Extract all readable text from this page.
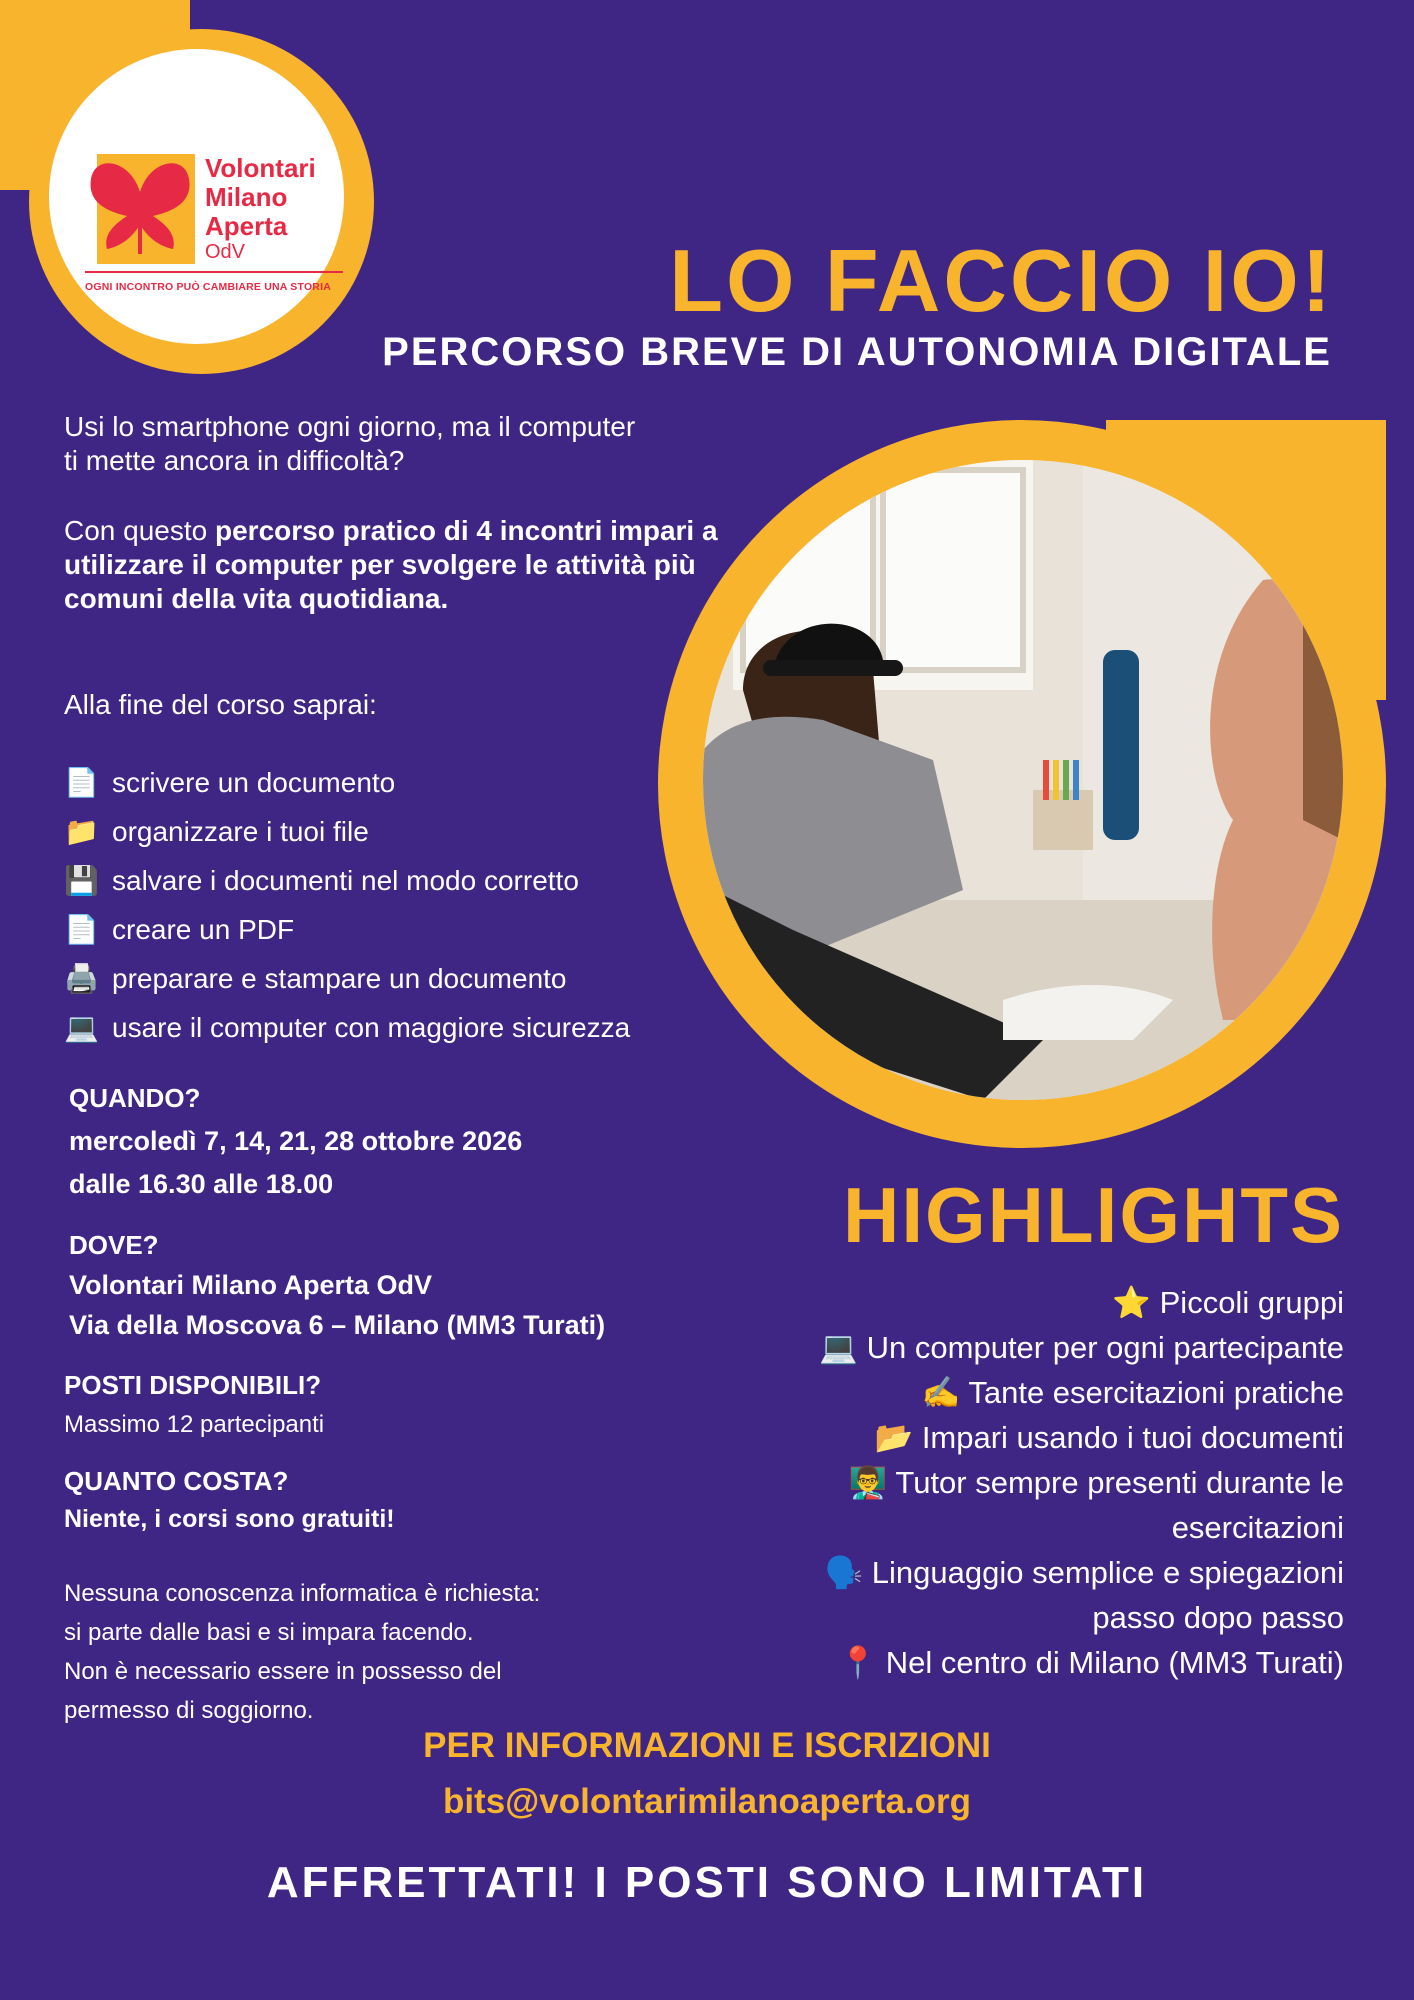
Volontari
Milano
Aperta
OdV
OGNI INCONTRO PUÒ CAMBIARE UNA STORIA	LO FACCIO IO!
PERCORSO BREVE DI AUTONOMIA DIGITALE
Usi lo smartphone ogni giorno, ma il computer
ti mette ancora in difficoltà?
Con questo percorso pratico di 4 incontri impari a utilizzare il computer per svolgere le attività più comuni della vita quotidiana.
Alla fine del corso saprai:
📄 scrivere un documento
📁 organizzare i tuoi file
💾 salvare i documenti nel modo corretto
📄 creare un PDF
🖨️ preparare e stampare un documento
💻 usare il computer con maggiore sicurezza
QUANDO?
mercoledì 7, 14, 21, 28 ottobre 2026
dalle 16.30 alle 18.00
DOVE?
Volontari Milano Aperta OdV
Via della Moscova 6 – Milano (MM3 Turati)
POSTI DISPONIBILI?
Massimo 12 partecipanti
QUANTO COSTA?
Niente, i corsi sono gratuiti!
Nessuna conoscenza informatica è richiesta:
si parte dalle basi e si impara facendo.
Non è necessario essere in possesso del
permesso di soggiorno.
HIGHLIGHTS
⭐ Piccoli gruppi
💻 Un computer per ogni partecipante
✍️ Tante esercitazioni pratiche
📂 Impari usando i tuoi documenti
👨‍🏫 Tutor sempre presenti durante le
esercitazioni
🗣️ Linguaggio semplice e spiegazioni
passo dopo passo
📍 Nel centro di Milano (MM3 Turati)
PER INFORMAZIONI E ISCRIZIONI
bits@volontarimilanoaperta.org
AFFRETTATI! I POSTI SONO LIMITATI
